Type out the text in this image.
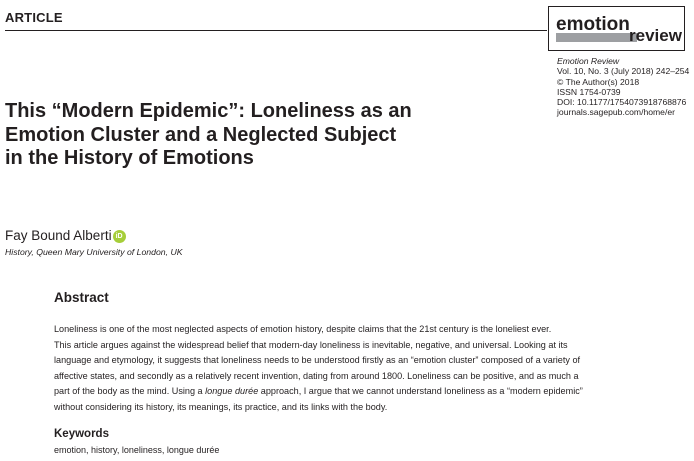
ARTICLE	emotion
review
Emotion Review
Vol. 10, No. 3 (July 2018) 242–254
© The Author(s) 2018
ISSN 1754-0739
DOI: 10.1177/1754073918768876
journals.sagepub.com/home/er
This “Modern Epidemic”: Loneliness as an
Emotion Cluster and a Neglected Subject
in the History of Emotions
Fay Bound Alberti iD
History, Queen Mary University of London, UK
Abstract
Loneliness is one of the most neglected aspects of emotion history, despite claims that the 21st century is the loneliest ever.
This article argues against the widespread belief that modern-day loneliness is inevitable, negative, and universal. Looking at its
language and etymology, it suggests that loneliness needs to be understood firstly as an “emotion cluster” composed of a variety of
affective states, and secondly as a relatively recent invention, dating from around 1800. Loneliness can be positive, and as much a
part of the body as the mind. Using a longue durée approach, I argue that we cannot understand loneliness as a “modern epidemic”
without considering its history, its meanings, its practice, and its links with the body.
Keywords
emotion, history, loneliness, longue durée
